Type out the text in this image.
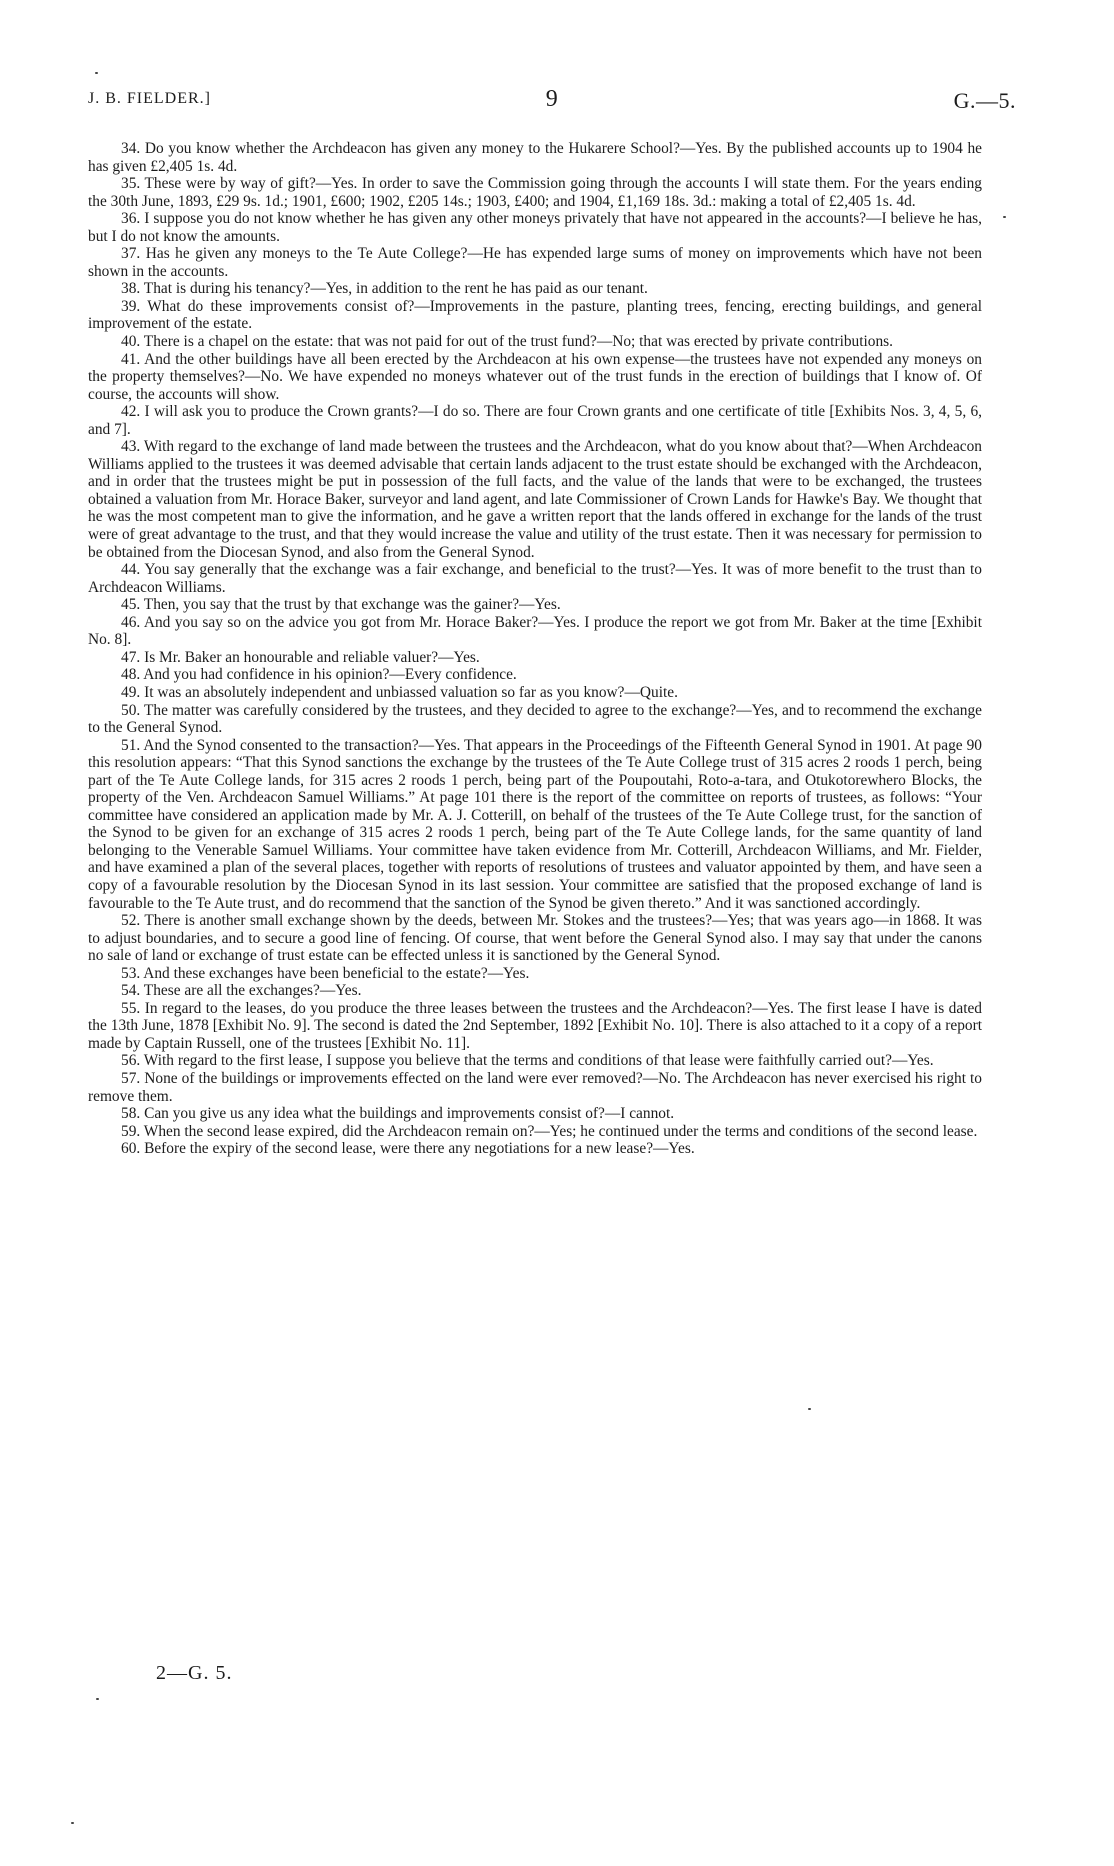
J. B. FIELDER.]	9	G.—5.

34. Do you know whether the Archdeacon has given any money to the Hukarere School?—Yes. By the published accounts up to 1904 he has given £2,405 1s. 4d.

35. These were by way of gift?—Yes. In order to save the Commission going through the accounts I will state them. For the years ending the 30th June, 1893, £29 9s. 1d.; 1901, £600; 1902, £205 14s.; 1903, £400; and 1904, £1,169 18s. 3d.: making a total of £2,405 1s. 4d.

36. I suppose you do not know whether he has given any other moneys privately that have not appeared in the accounts?—I believe he has, but I do not know the amounts.

37. Has he given any moneys to the Te Aute College?—He has expended large sums of money on improvements which have not been shown in the accounts.

38. That is during his tenancy?—Yes, in addition to the rent he has paid as our tenant.

39. What do these improvements consist of?—Improvements in the pasture, planting trees, fencing, erecting buildings, and general improvement of the estate.

40. There is a chapel on the estate: that was not paid for out of the trust fund?—No; that was erected by private contributions.

41. And the other buildings have all been erected by the Archdeacon at his own expense—the trustees have not expended any moneys on the property themselves?—No. We have expended no moneys whatever out of the trust funds in the erection of buildings that I know of. Of course, the accounts will show.

42. I will ask you to produce the Crown grants?—I do so. There are four Crown grants and one certificate of title [Exhibits Nos. 3, 4, 5, 6, and 7].

43. With regard to the exchange of land made between the trustees and the Archdeacon, what do you know about that?—When Archdeacon Williams applied to the trustees it was deemed advisable that certain lands adjacent to the trust estate should be exchanged with the Archdeacon, and in order that the trustees might be put in possession of the full facts, and the value of the lands that were to be exchanged, the trustees obtained a valuation from Mr. Horace Baker, surveyor and land agent, and late Commissioner of Crown Lands for Hawke's Bay. We thought that he was the most competent man to give the information, and he gave a written report that the lands offered in exchange for the lands of the trust were of great advantage to the trust, and that they would increase the value and utility of the trust estate. Then it was necessary for permission to be obtained from the Diocesan Synod, and also from the General Synod.

44. You say generally that the exchange was a fair exchange, and beneficial to the trust?—Yes. It was of more benefit to the trust than to Archdeacon Williams.

45. Then, you say that the trust by that exchange was the gainer?—Yes.

46. And you say so on the advice you got from Mr. Horace Baker?—Yes. I produce the report we got from Mr. Baker at the time [Exhibit No. 8].

47. Is Mr. Baker an honourable and reliable valuer?—Yes.

48. And you had confidence in his opinion?—Every confidence.

49. It was an absolutely independent and unbiassed valuation so far as you know?—Quite.

50. The matter was carefully considered by the trustees, and they decided to agree to the exchange?—Yes, and to recommend the exchange to the General Synod.

51. And the Synod consented to the transaction?—Yes. That appears in the Proceedings of the Fifteenth General Synod in 1901. At page 90 this resolution appears: “That this Synod sanctions the exchange by the trustees of the Te Aute College trust of 315 acres 2 roods 1 perch, being part of the Te Aute College lands, for 315 acres 2 roods 1 perch, being part of the Poupoutahi, Roto-a-tara, and Otukotorewhero Blocks, the property of the Ven. Archdeacon Samuel Williams.” At page 101 there is the report of the committee on reports of trustees, as follows: “Your committee have considered an application made by Mr. A. J. Cotterill, on behalf of the trustees of the Te Aute College trust, for the sanction of the Synod to be given for an exchange of 315 acres 2 roods 1 perch, being part of the Te Aute College lands, for the same quantity of land belonging to the Venerable Samuel Williams. Your committee have taken evidence from Mr. Cotterill, Archdeacon Williams, and Mr. Fielder, and have examined a plan of the several places, together with reports of resolutions of trustees and valuator appointed by them, and have seen a copy of a favourable resolution by the Diocesan Synod in its last session. Your committee are satisfied that the proposed exchange of land is favourable to the Te Aute trust, and do recommend that the sanction of the Synod be given thereto.” And it was sanctioned accordingly.

52. There is another small exchange shown by the deeds, between Mr. Stokes and the trustees?—Yes; that was years ago—in 1868. It was to adjust boundaries, and to secure a good line of fencing. Of course, that went before the General Synod also. I may say that under the canons no sale of land or exchange of trust estate can be effected unless it is sanctioned by the General Synod.

53. And these exchanges have been beneficial to the estate?—Yes.

54. These are all the exchanges?—Yes.

55. In regard to the leases, do you produce the three leases between the trustees and the Archdeacon?—Yes. The first lease I have is dated the 13th June, 1878 [Exhibit No. 9]. The second is dated the 2nd September, 1892 [Exhibit No. 10]. There is also attached to it a copy of a report made by Captain Russell, one of the trustees [Exhibit No. 11].

56. With regard to the first lease, I suppose you believe that the terms and conditions of that lease were faithfully carried out?—Yes.

57. None of the buildings or improvements effected on the land were ever removed?—No. The Archdeacon has never exercised his right to remove them.

58. Can you give us any idea what the buildings and improvements consist of?—I cannot.

59. When the second lease expired, did the Archdeacon remain on?—Yes; he continued under the terms and conditions of the second lease.

60. Before the expiry of the second lease, were there any negotiations for a new lease?—Yes.

2—G. 5.
